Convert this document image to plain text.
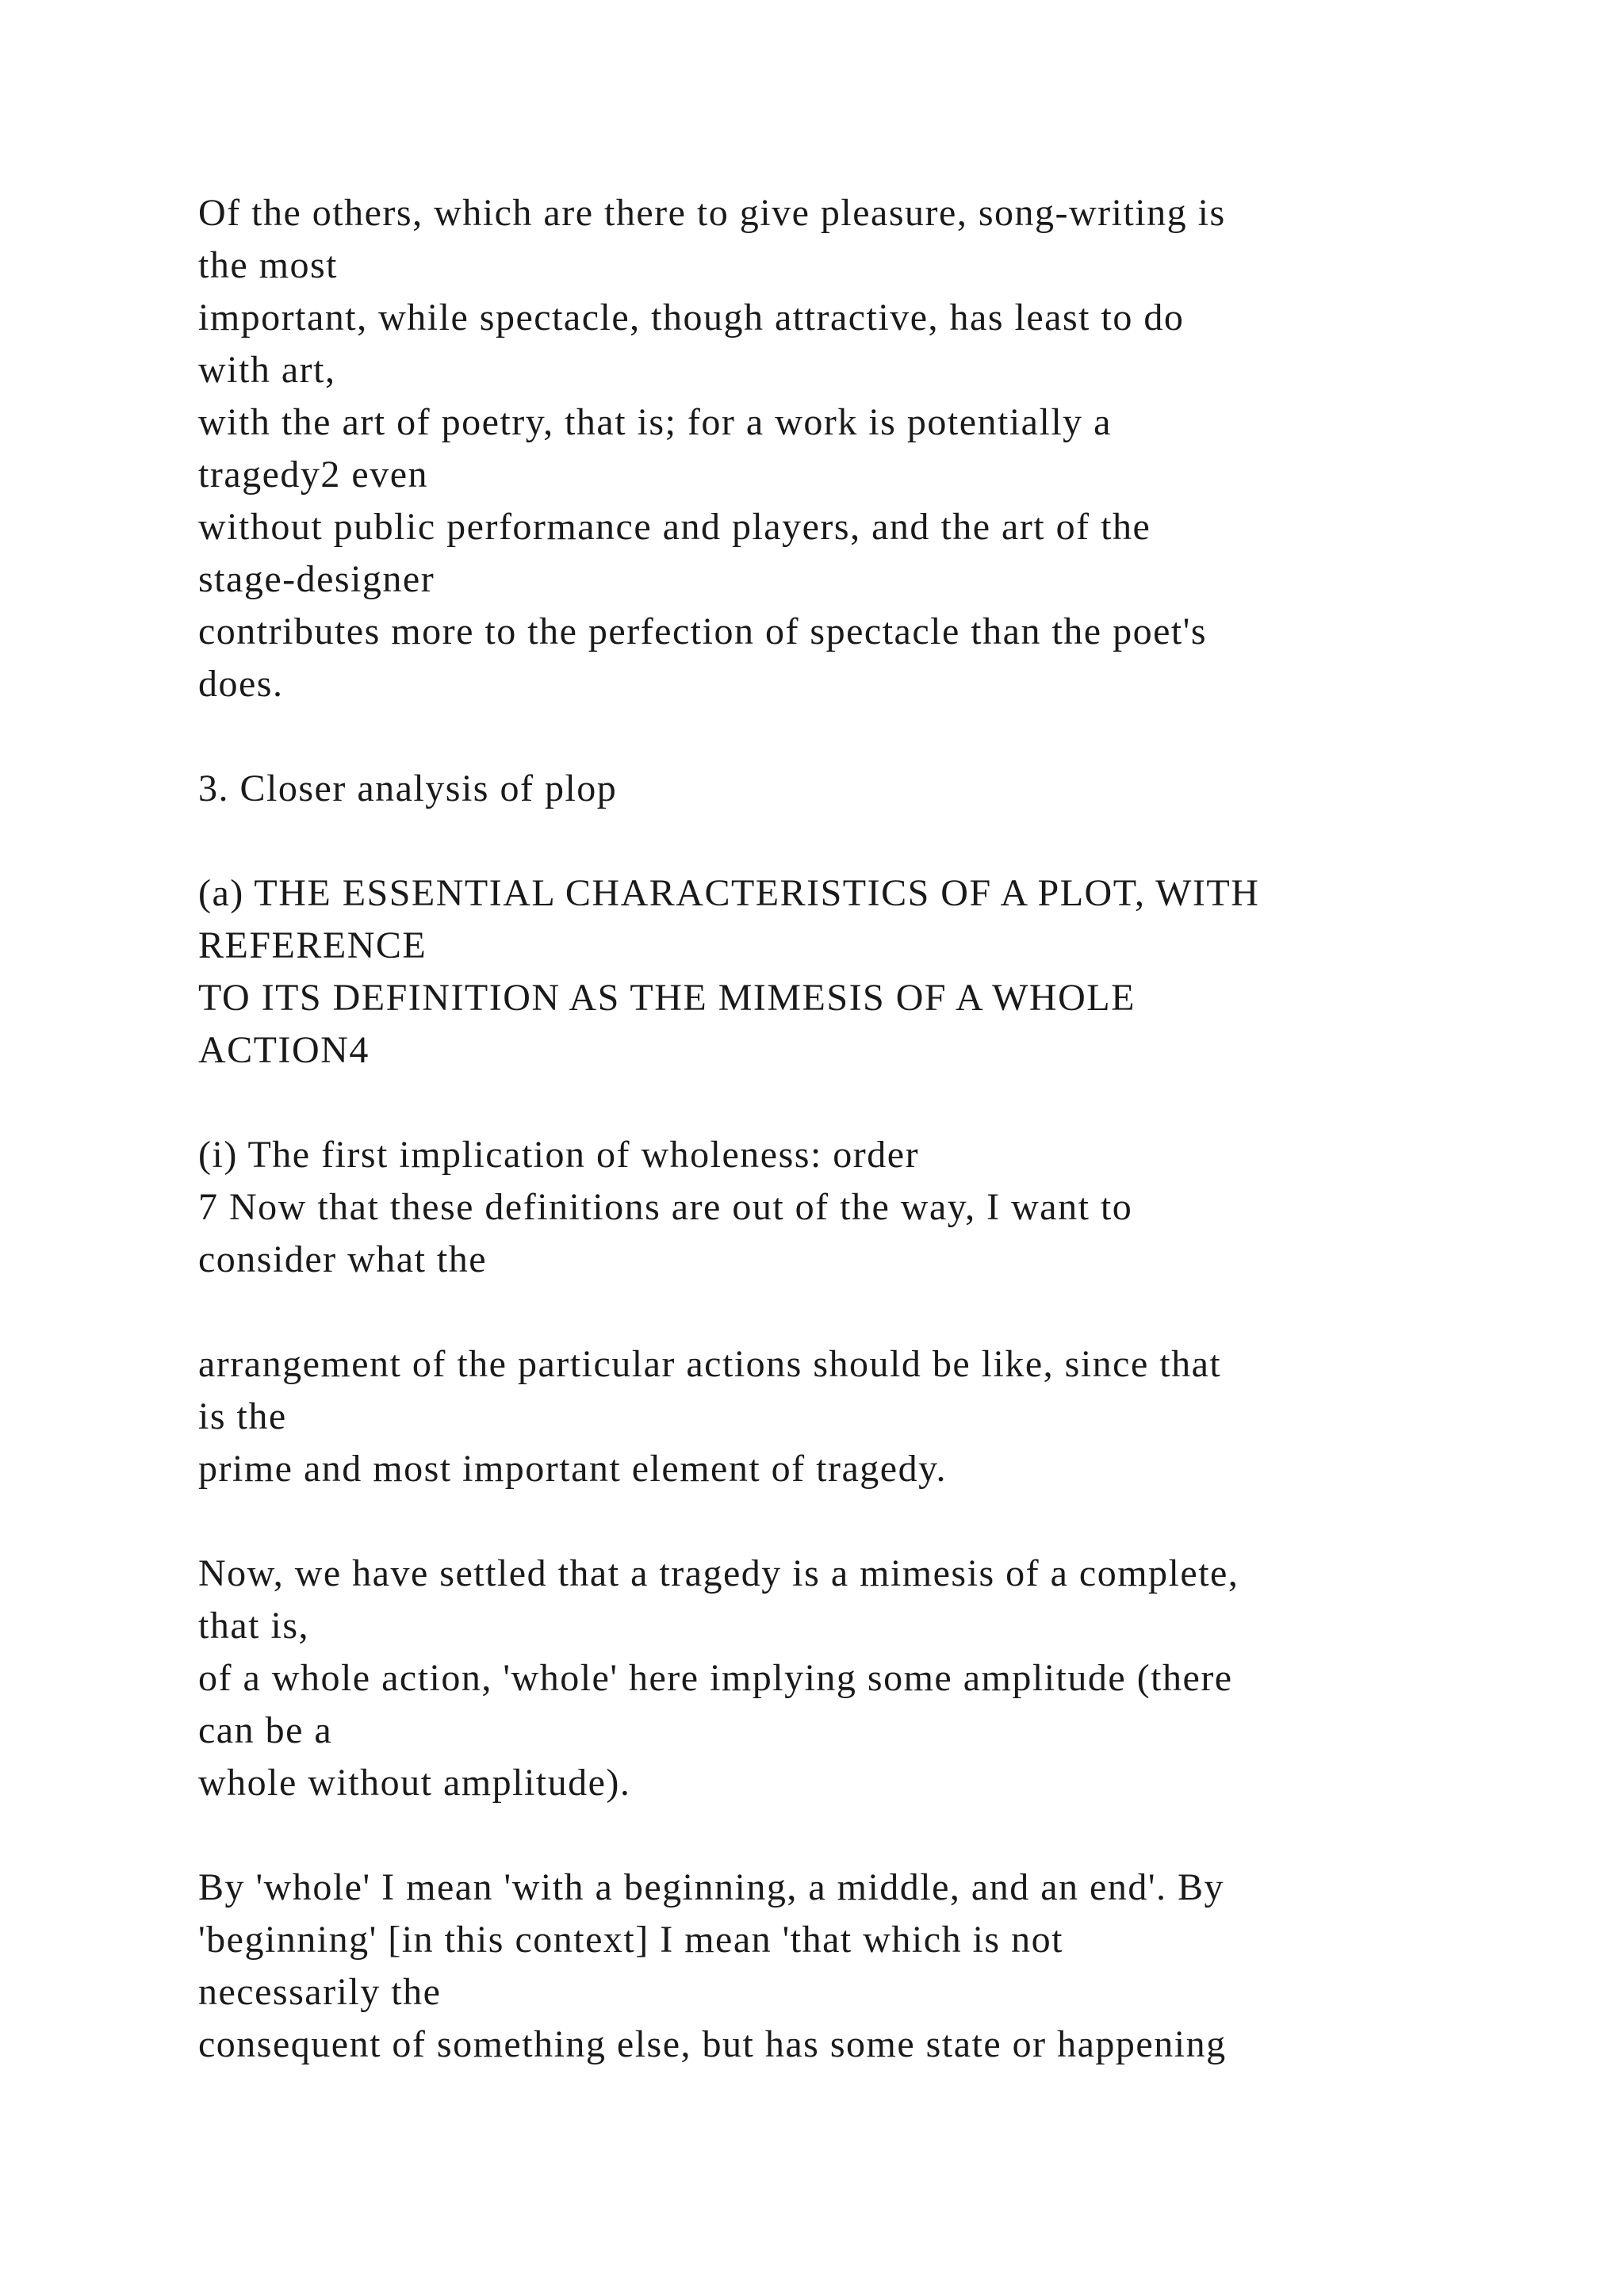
Of the others, which are there to give pleasure, song-writing is
the most
important, while spectacle, though attractive, has least to do
with art,
with the art of poetry, that is; for a work is potentially a
tragedy2 even
without public performance and players, and the art of the
stage-designer
contributes more to the perfection of spectacle than the poet's
does.
3. Closer analysis of plop
(a) THE ESSENTIAL CHARACTERISTICS OF A PLOT, WITH
REFERENCE
TO ITS DEFINITION AS THE MIMESIS OF A WHOLE
ACTION4
(i) The first implication of wholeness: order
7 Now that these definitions are out of the way, I want to
consider what the
arrangement of the particular actions should be like, since that
is the
prime and most important element of tragedy.
Now, we have settled that a tragedy is a mimesis of a complete,
that is,
of a whole action, 'whole' here implying some amplitude (there
can be a
whole without amplitude).
By 'whole' I mean 'with a beginning, a middle, and an end'. By
'beginning' [in this context] I mean 'that which is not
necessarily the
consequent of something else, but has some state or happening
